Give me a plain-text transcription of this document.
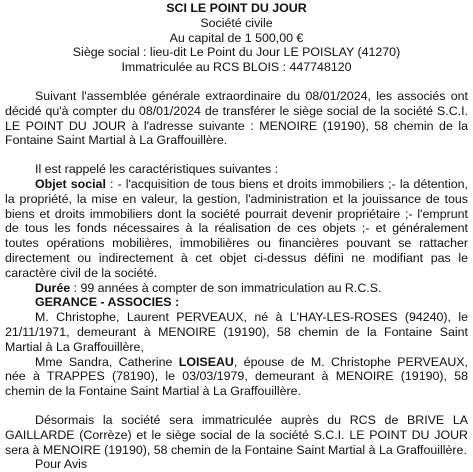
SCI LE POINT DU JOUR
Société civile
Au capital de 1 500,00 €
Siège social : lieu-dit Le Point du Jour LE POISLAY (41270)
Immatriculée au RCS BLOIS : 447748120

Suivant l'assemblée générale extraordinaire du 08/01/2024, les associés ont décidé qu'à compter du 08/01/2024 de transférer le siège social de la société S.C.I. LE POINT DU JOUR à l'adresse suivante : MENOIRE (19190), 58 chemin de la Fontaine Saint Martial à La Graffouillère.

Il est rappelé les caractéristiques suivantes :

Objet social : - l'acquisition de tous biens et droits immobiliers ;- la détention, la propriété, la mise en valeur, la gestion, l'administration et la jouissance de tous biens et droits immobiliers dont la société pourrait devenir propriétaire ;- l'emprunt de tous les fonds nécessaires à la réalisation de ces objets ;- et généralement toutes opérations mobilières, immobilières ou financières pouvant se rattacher directement ou indirectement à cet objet ci-dessus défini ne modifiant pas le caractère civil de la société.

Durée : 99 années à compter de son immatriculation au R.C.S.

GERANCE - ASSOCIES :

M. Christophe, Laurent PERVEAUX, né à L'HAY-LES-ROSES (94240), le 21/11/1971, demeurant à MENOIRE (19190), 58 chemin de la Fontaine Saint Martial à La Graffouillère,

Mme Sandra, Catherine LOISEAU, épouse de M. Christophe PERVEAUX, née à TRAPPES (78190), le 03/03/1979, demeurant à MENOIRE (19190), 58 chemin de la Fontaine Saint Martial à La Graffouillère.

Désormais la société sera immatriculée auprès du RCS de BRIVE LA GAILLARDE (Corrèze) et le siège social de la société S.C.I. LE POINT DU JOUR sera à MENOIRE (19190), 58 chemin de la Fontaine Saint Martial à La Graffouillère.

Pour Avis
